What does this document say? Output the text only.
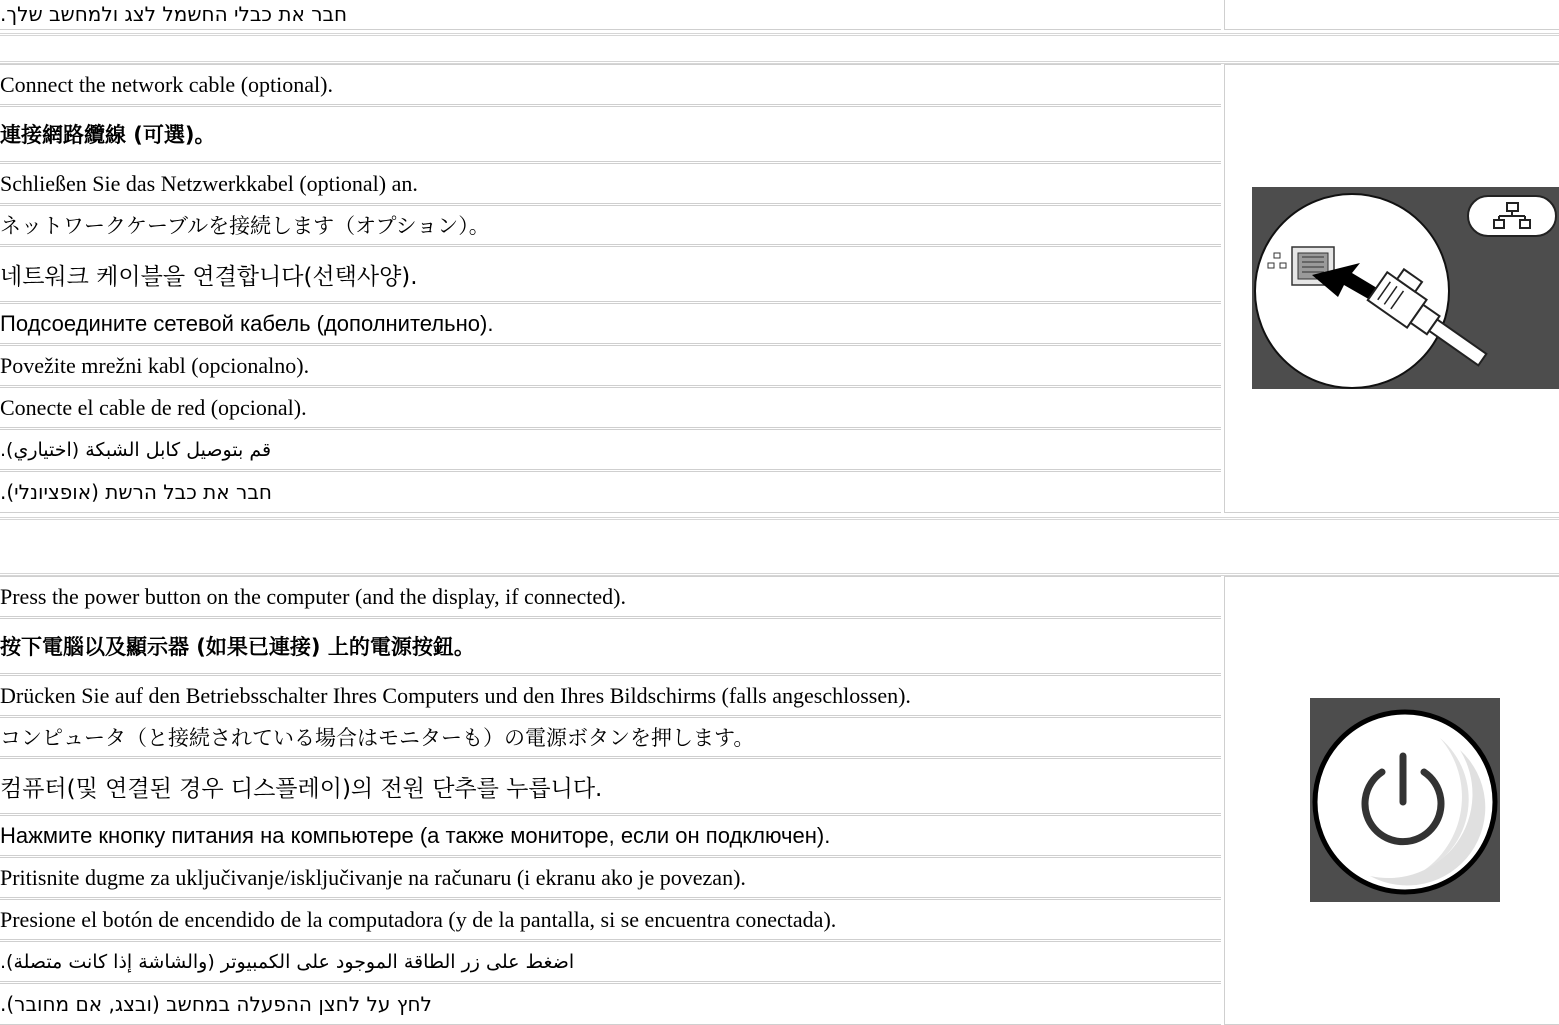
חבר את כבלי החשמל לצג ולמחשב שלך.
Connect the network cable (optional).
連接網路纜線 (可選)。
Schließen Sie das Netzwerkkabel (optional) an.
ネットワークケーブルを接続します（オプション）。
네트워크 케이블을 연결합니다(선택사양).
Подсоедините сетевой кабель (дополнительно).
Povežite mrežni kabl (opcionalno).
Conecte el cable de red (opcional).
قم بتوصيل كابل الشبكة (اختياري).
חבר את כבל הרשת (אופציונלי).
Press the power button on the computer (and the display, if connected).
按下電腦以及顯示器 (如果已連接) 上的電源按鈕。
Drücken Sie auf den Betriebsschalter Ihres Computers und den Ihres Bildschirms (falls angeschlossen).
コンピュータ（と接続されている場合はモニターも）の電源ボタンを押します。
컴퓨터(및 연결된 경우 디스플레이)의 전원 단추를 누릅니다.
Нажмите кнопку питания на компьютере (а также мониторе, если он подключен).
Pritisnite dugme za uključivanje/isključivanje na računaru (i ekranu ako je povezan).
Presione el botón de encendido de la computadora (y de la pantalla, si se encuentra conectada).
اضغط على زر الطاقة الموجود على الكمبيوتر (والشاشة إذا كانت متصلة).
לחץ על לחצן ההפעלה במחשב (ובצג, אם מחובר).
